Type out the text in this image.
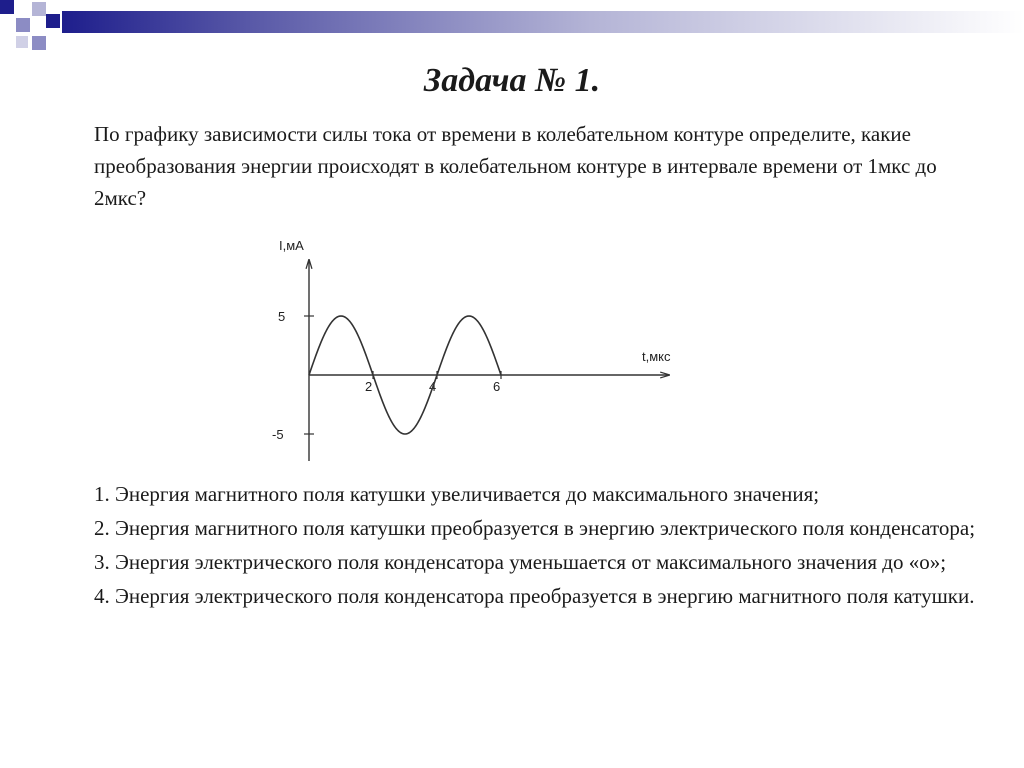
Задача № 1.
По графику зависимости силы тока от времени в колебательном контуре определите, какие преобразования энергии происходят в колебательном контуре в интервале времени от 1мкс до 2мкс?
I,мА
t,мкс
2	4	6
5
-5
1. Энергия магнитного поля катушки увеличивается до максимального значения;
2. Энергия магнитного поля катушки преобразуется в энергию электрического поля конденсатора;
3. Энергия электрического поля конденсатора уменьшается от максимального значения до «о»;
4. Энергия электрического поля конденсатора преобразуется в энергию магнитного поля катушки.
